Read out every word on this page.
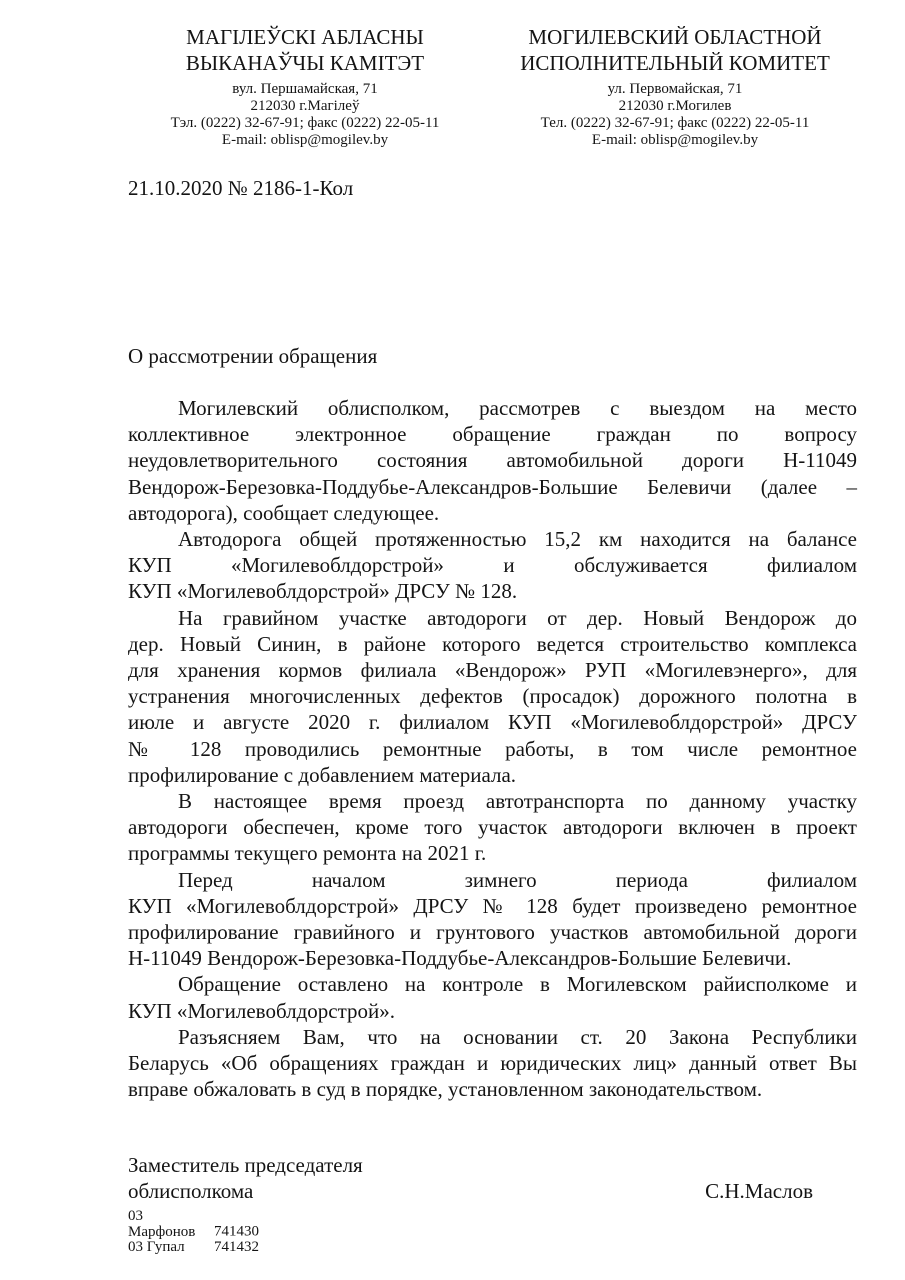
МАГІЛЕЎСКІ АБЛАСНЫ
ВЫКАНАЎЧЫ КАМІТЭТ
вул. Першамайская, 71
212030 г.Магілеў
Тэл. (0222) 32-67-91; факс (0222) 22-05-11
E-mail: oblisp@mogilev.by
МОГИЛЕВСКИЙ ОБЛАСТНОЙ
ИСПОЛНИТЕЛЬНЫЙ КОМИТЕТ
ул. Первомайская, 71
212030 г.Могилев
Тел. (0222) 32-67-91; факс (0222) 22-05-11
E-mail: oblisp@mogilev.by
21.10.2020 № 2186-1-Кол
О рассмотрении обращения
Могилевский облисполком, рассмотрев с выездом на место
коллективное электронное обращение граждан по вопросу
неудовлетворительного состояния автомобильной дороги Н-11049
Вендорож-Березовка-Поддубье-Александров-Большие Белевичи (далее –
автодорога), сообщает следующее.
Автодорога общей протяженностью 15,2 км находится на балансе
КУП «Могилевоблдорстрой» и обслуживается филиалом
КУП «Могилевоблдорстрой» ДРСУ № 128.
На гравийном участке автодороги от дер. Новый Вендорож до
дер. Новый Синин, в районе которого ведется строительство комплекса
для хранения кормов филиала «Вендорож» РУП «Могилевэнерго», для
устранения многочисленных дефектов (просадок) дорожного полотна в
июле и августе 2020 г. филиалом КУП «Могилевоблдорстрой» ДРСУ
№ 128 проводились ремонтные работы, в том числе ремонтное
профилирование с добавлением материала.
В настоящее время проезд автотранспорта по данному участку
автодороги обеспечен, кроме того участок автодороги включен в проект
программы текущего ремонта на 2021 г.
Перед началом зимнего периода филиалом
КУП «Могилевоблдорстрой» ДРСУ № 128 будет произведено ремонтное
профилирование гравийного и грунтового участков автомобильной дороги
Н-11049 Вендорож-Березовка-Поддубье-Александров-Большие Белевичи.
Обращение оставлено на контроле в Могилевском райисполкоме и
КУП «Могилевоблдорстрой».
Разъясняем Вам, что на основании ст. 20 Закона Республики
Беларусь «Об обращениях граждан и юридических лиц» данный ответ Вы
вправе обжаловать в суд в порядке, установленном законодательством.
Заместитель председателя
облисполкома	С.Н.Маслов
03 Марфонов 741430
03 Гупал 741432
